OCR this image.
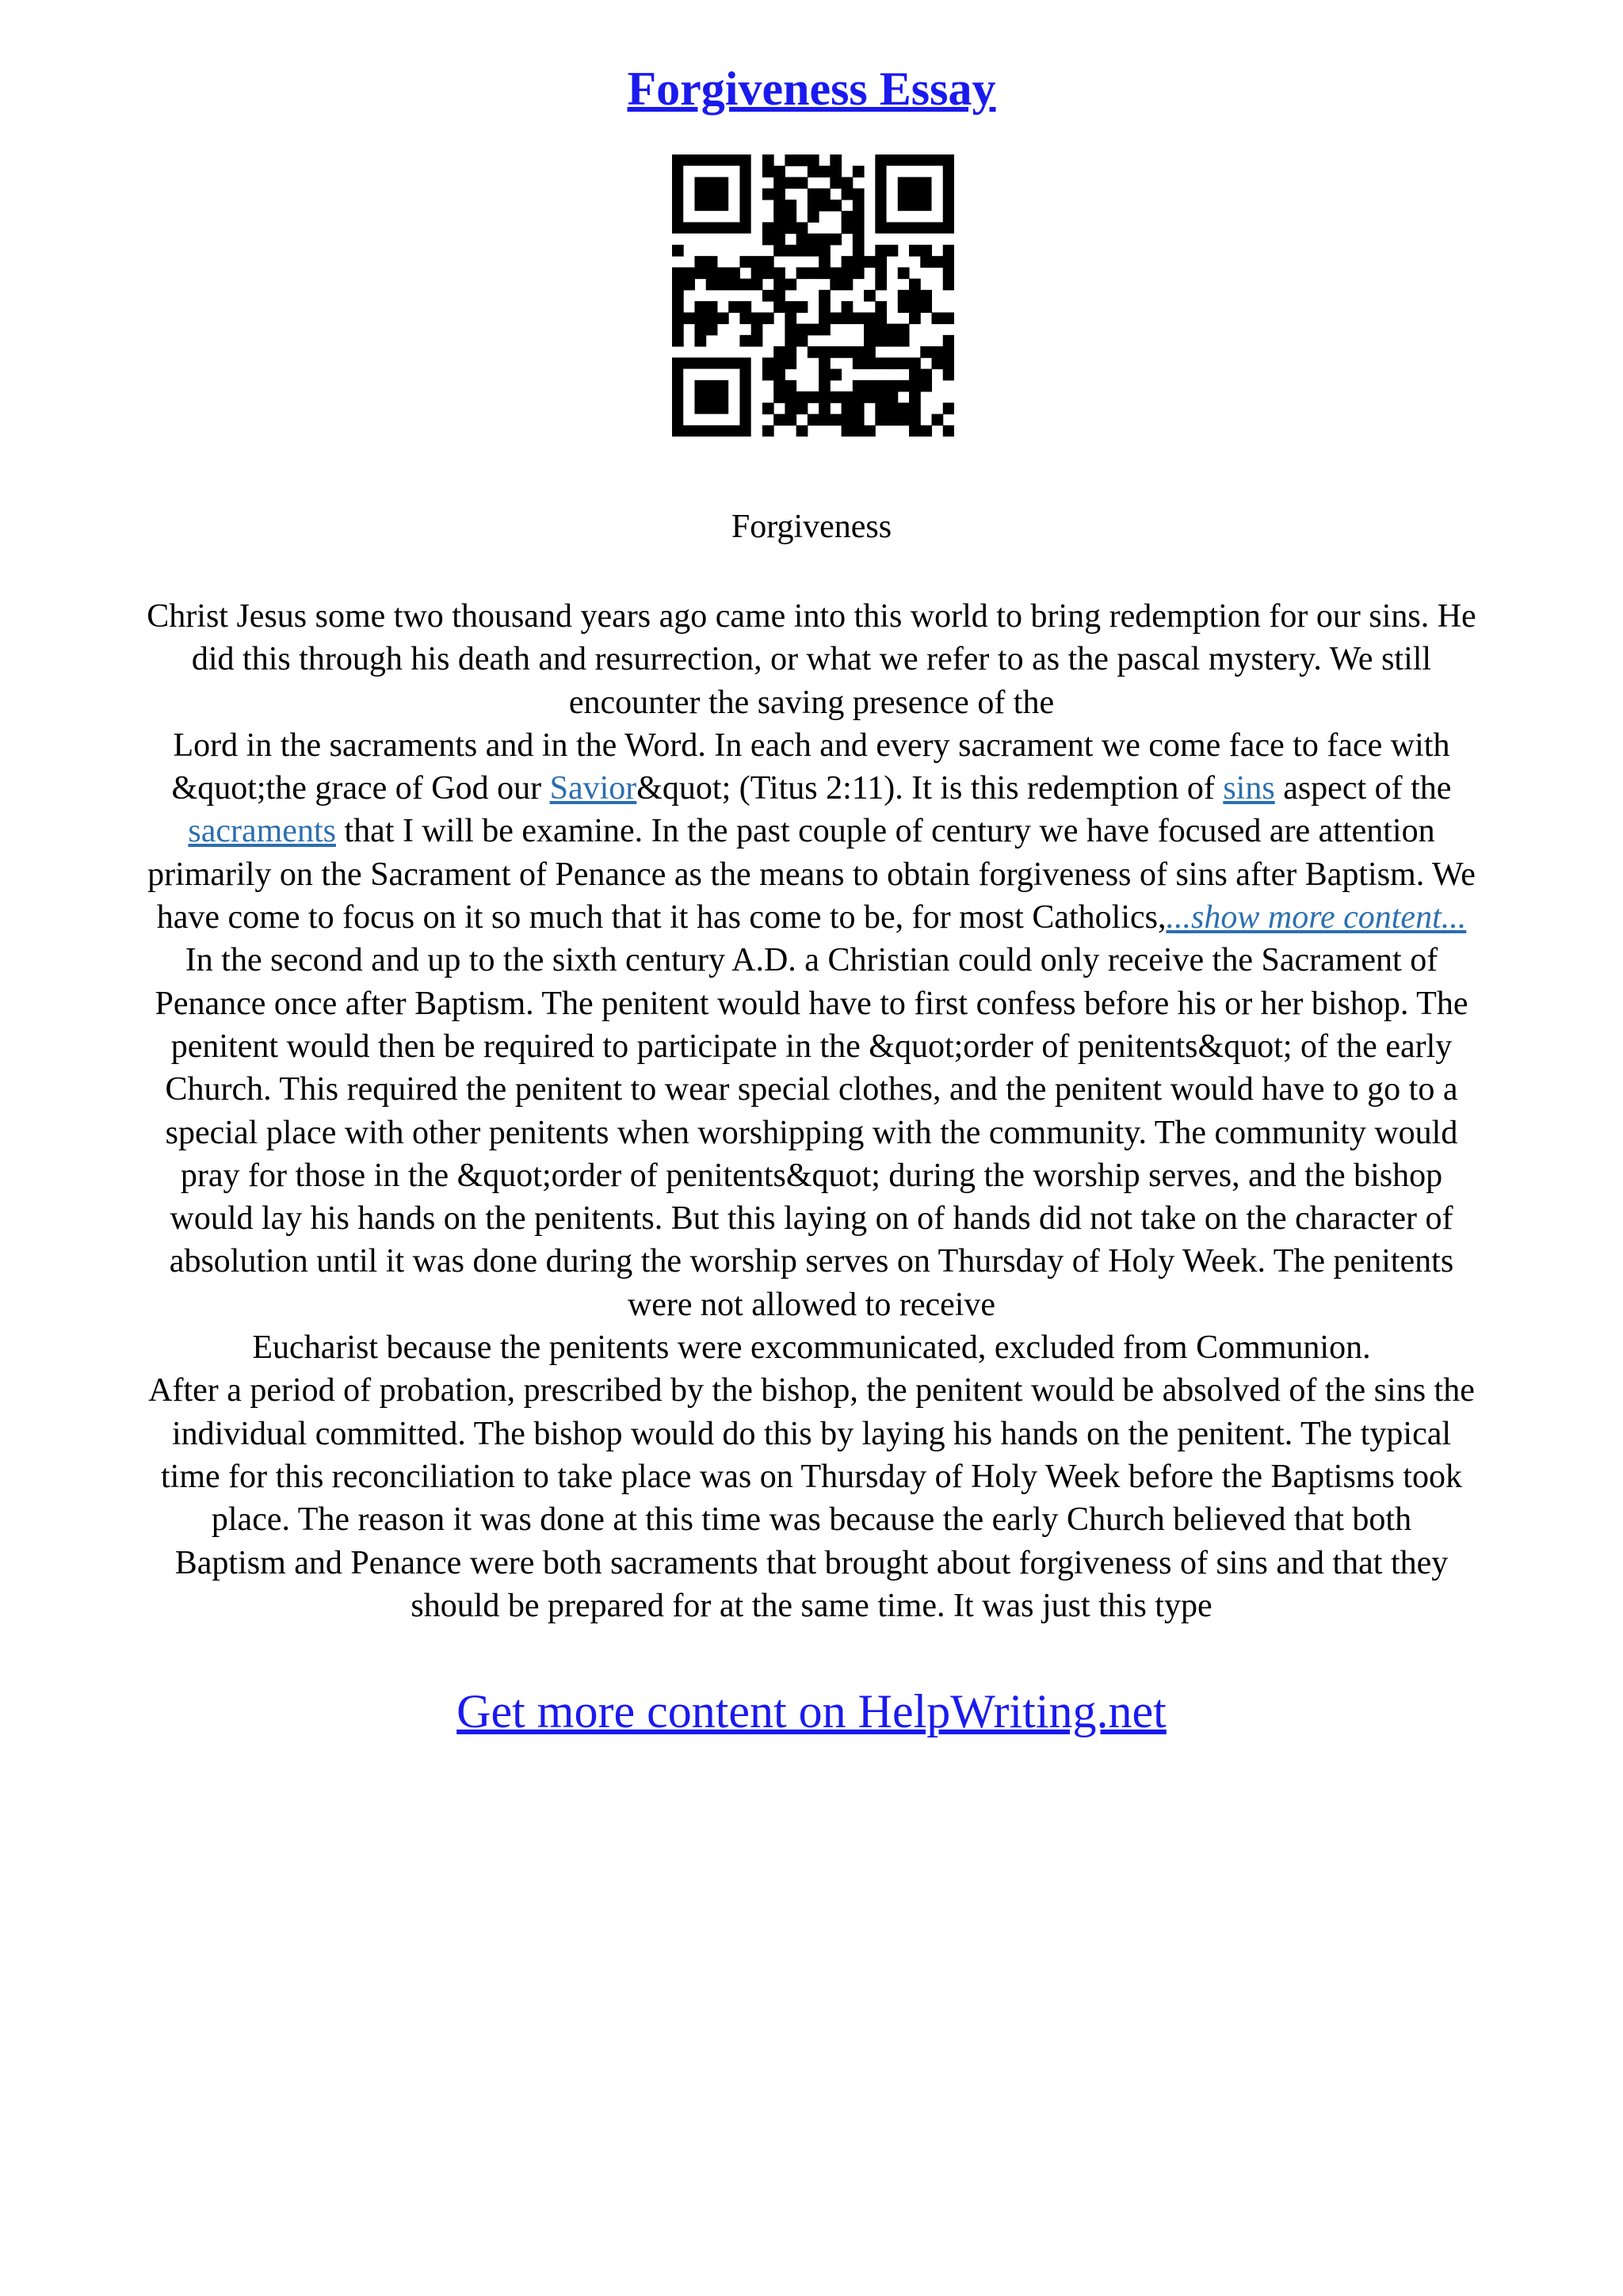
Forgiveness Essay
Forgiveness
Christ Jesus some two thousand years ago came into this world to bring redemption for our sins. He
did this through his death and resurrection, or what we refer to as the pascal mystery. We still
encounter the saving presence of the
Lord in the sacraments and in the Word. In each and every sacrament we come face to face with
&quot;the grace of God our Savior&quot; (Titus 2:11). It is this redemption of sins aspect of the
sacraments that I will be examine. In the past couple of century we have focused are attention
primarily on the Sacrament of Penance as the means to obtain forgiveness of sins after Baptism. We
have come to focus on it so much that it has come to be, for most Catholics,...show more content...
In the second and up to the sixth century A.D. a Christian could only receive the Sacrament of
Penance once after Baptism. The penitent would have to first confess before his or her bishop. The
penitent would then be required to participate in the &quot;order of penitents&quot; of the early
Church. This required the penitent to wear special clothes, and the penitent would have to go to a
special place with other penitents when worshipping with the community. The community would
pray for those in the &quot;order of penitents&quot; during the worship serves, and the bishop
would lay his hands on the penitents. But this laying on of hands did not take on the character of
absolution until it was done during the worship serves on Thursday of Holy Week. The penitents
were not allowed to receive
Eucharist because the penitents were excommunicated, excluded from Communion.
After a period of probation, prescribed by the bishop, the penitent would be absolved of the sins the
individual committed. The bishop would do this by laying his hands on the penitent. The typical
time for this reconciliation to take place was on Thursday of Holy Week before the Baptisms took
place. The reason it was done at this time was because the early Church believed that both
Baptism and Penance were both sacraments that brought about forgiveness of sins and that they
should be prepared for at the same time. It was just this type
Get more content on HelpWriting.net
